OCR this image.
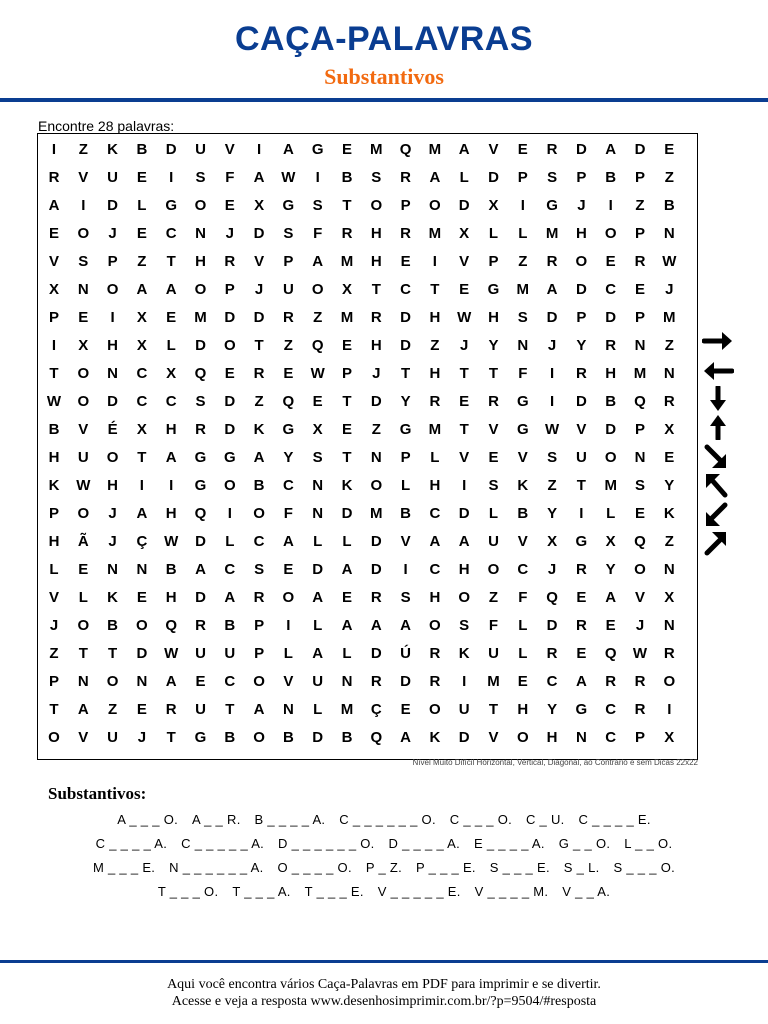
CAÇA-PALAVRAS
Substantivos
Encontre 28 palavras:
I	Z	K	B	D	U	V	I	A	G	E	M	Q	M	A	V	E	R	D	A	D	E
R	V	U	E	I	S	F	A	W	I	B	S	R	A	L	D	P	S	P	B	P	Z
A	I	D	L	G	O	E	X	G	S	T	O	P	O	D	X	I	G	J	I	Z	B
E	O	J	E	C	N	J	D	S	F	R	H	R	M	X	L	L	M	H	O	P	N
V	S	P	Z	T	H	R	V	P	A	M	H	E	I	V	P	Z	R	O	E	R	W
X	N	O	A	A	O	P	J	U	O	X	T	C	T	E	G	M	A	D	C	E	J
P	E	I	X	E	M	D	D	R	Z	M	R	D	H	W	H	S	D	P	D	P	M
I	X	H	X	L	D	O	T	Z	Q	E	H	D	Z	J	Y	N	J	Y	R	N	Z
T	O	N	C	X	Q	E	R	E	W	P	J	T	H	T	T	F	I	R	H	M	N
W	O	D	C	C	S	D	Z	Q	E	T	D	Y	R	E	R	G	I	D	B	Q	R
B	V	É	X	H	R	D	K	G	X	E	Z	G	M	T	V	G	W	V	D	P	X
H	U	O	T	A	G	G	A	Y	S	T	N	P	L	V	E	V	S	U	O	N	E
K	W	H	I	I	G	O	B	C	N	K	O	L	H	I	S	K	Z	T	M	S	Y
P	O	J	A	H	Q	I	O	F	N	D	M	B	C	D	L	B	Y	I	L	E	K
H	Ã	J	Ç	W	D	L	C	A	L	L	D	V	A	A	U	V	X	G	X	Q	Z
L	E	N	N	B	A	C	S	E	D	A	D	I	C	H	O	C	J	R	Y	O	N
V	L	K	E	H	D	A	R	O	A	E	R	S	H	O	Z	F	Q	E	A	V	X
J	O	B	O	Q	R	B	P	I	L	A	A	A	O	S	F	L	D	R	E	J	N
Z	T	T	D	W	U	U	P	L	A	L	D	Ú	R	K	U	L	R	E	Q	W	R
P	N	O	N	A	E	C	O	V	U	N	R	D	R	I	M	E	C	A	R	R	O
T	A	Z	E	R	U	T	A	N	L	M	Ç	E	O	U	T	H	Y	G	C	R	I
O	V	U	J	T	G	B	O	B	D	B	Q	A	K	D	V	O	H	N	C	P	X
Nível Muito Difícil Horizontal, Vertical, Diagonal, ao Contrário e sem Dicas 22x22
Substantivos:
A _ _ _ O. A _ _ R. B _ _ _ _ A. C _ _ _ _ _ _ O. C _ _ _ O. C _ U. C _ _ _ _ E.
C _ _ _ _ A. C _ _ _ _ _ A. D _ _ _ _ _ _ O. D _ _ _ _ A. E _ _ _ _ A. G _ _ O. L _ _ O.
M _ _ _ E. N _ _ _ _ _ _ A. O _ _ _ _ O. P _ Z. P _ _ _ E. S _ _ _ E. S _ L. S _ _ _ O.
T _ _ _ O. T _ _ _ A. T _ _ _ E. V _ _ _ _ _ E. V _ _ _ _ M. V _ _ A.
Aqui você encontra vários Caça-Palavras em PDF para imprimir e se divertir.
Acesse e veja a resposta www.desenhosimprimir.com.br/?p=9504/#resposta
